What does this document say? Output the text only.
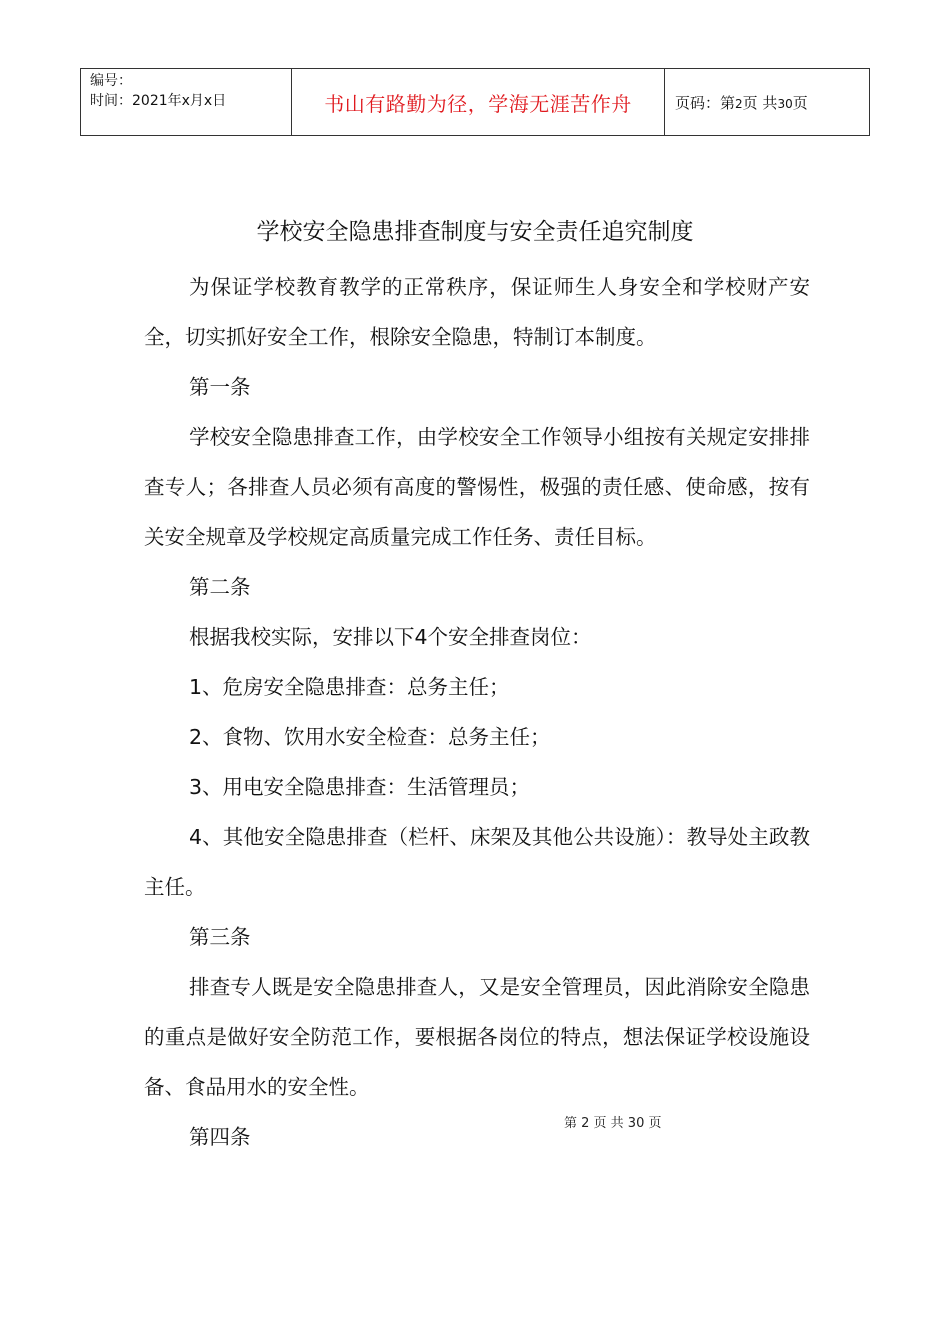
编号：
时间：2021年x月x日	书山有路勤为径，学海无涯苦作舟	页码：第2页 共30页
学校安全隐患排查制度与安全责任追究制度

为保证学校教育教学的正常秩序，保证师生人身安全和学校财产安全，切实抓好安全工作，根除安全隐患，特制订本制度。

第一条

学校安全隐患排查工作，由学校安全工作领导小组按有关规定安排排查专人；各排查人员必须有高度的警惕性，极强的责任感、使命感，按有关安全规章及学校规定高质量完成工作任务、责任目标。

第二条

根据我校实际，安排以下4个安全排查岗位：

1、危房安全隐患排查：总务主任；

2、食物、饮用水安全检查：总务主任；

3、用电安全隐患排查：生活管理员；

4、其他安全隐患排查（栏杆、床架及其他公共设施）：教导处主政教主任。

第三条

排查专人既是安全隐患排查人，又是安全管理员，因此消除安全隐患的重点是做好安全防范工作，要根据各岗位的特点，想法保证学校设施设备、食品用水的安全性。

第四条

第 2 页 共 30 页
